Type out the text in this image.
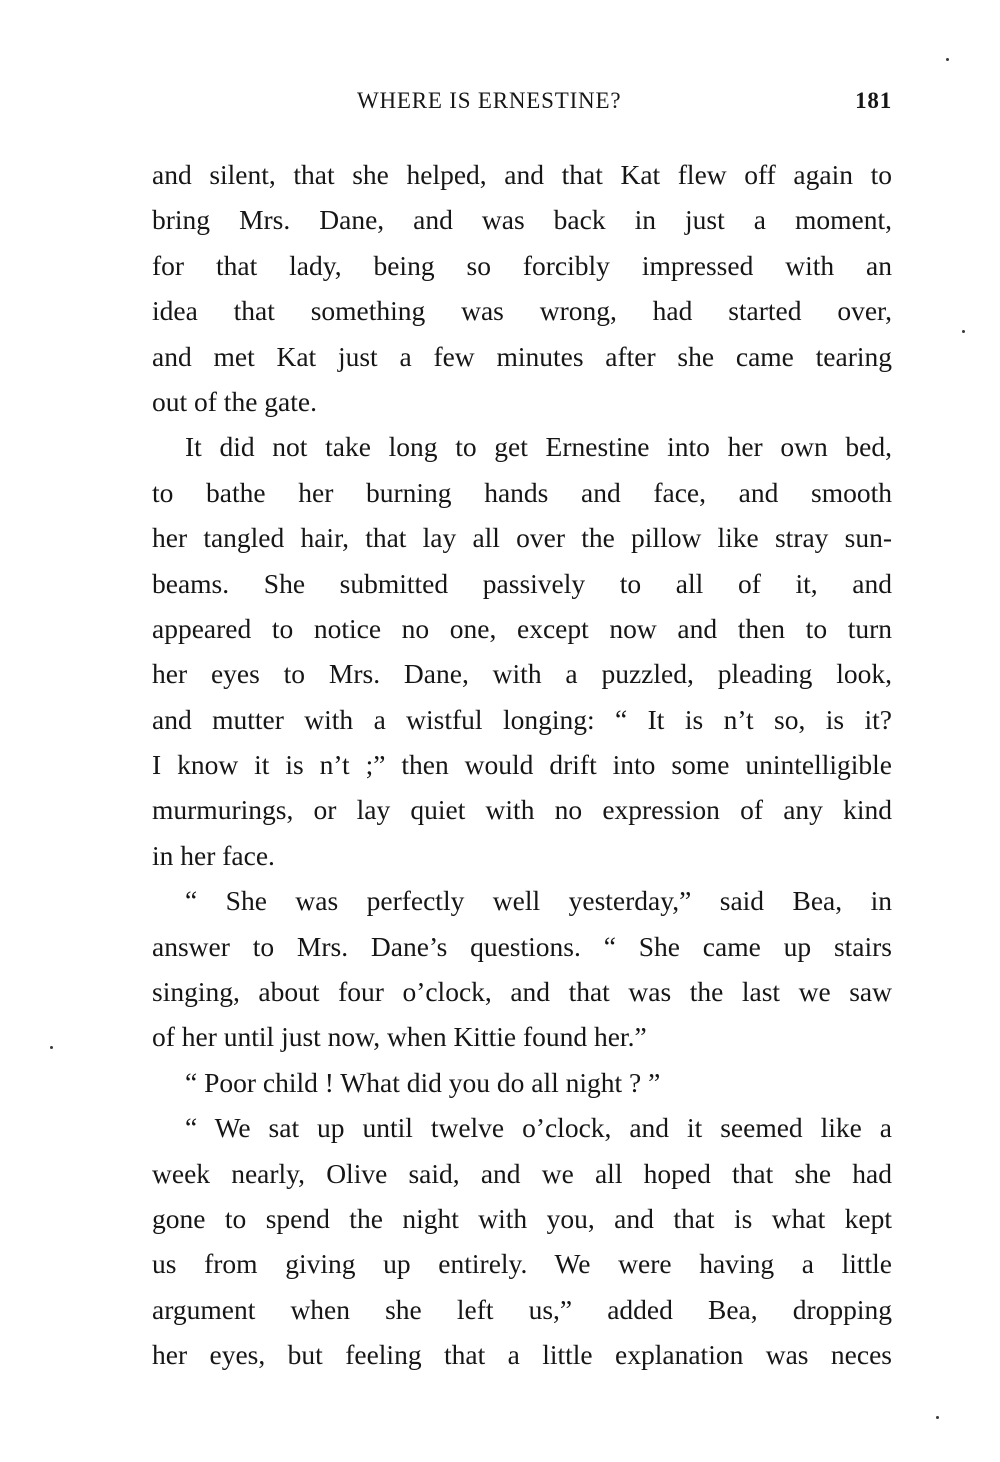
WHERE IS ERNESTINE?	181
and silent, that she helped, and that Kat flew off again to
bring Mrs. Dane, and was back in just a moment,
for that lady, being so forcibly impressed with an
idea that something was wrong, had started over,
and met Kat just a few minutes after she came tearing
out of the gate.
It did not take long to get Ernestine into her own bed,
to bathe her burning hands and face, and smooth
her tangled hair, that lay all over the pillow like stray sun-
beams. She submitted passively to all of it, and
appeared to notice no one, except now and then to turn
her eyes to Mrs. Dane, with a puzzled, pleading look,
and mutter with a wistful longing: “ It is n’t so, is it?
I know it is n’t ;” then would drift into some unintelligible
murmurings, or lay quiet with no expression of any kind
in her face.
“ She was perfectly well yesterday,” said Bea, in
answer to Mrs. Dane’s questions. “ She came up stairs
singing, about four o’clock, and that was the last we saw
of her until just now, when Kittie found her.”
“ Poor child ! What did you do all night ? ”
“ We sat up until twelve o’clock, and it seemed like a
week nearly, Olive said, and we all hoped that she had
gone to spend the night with you, and that is what kept
us from giving up entirely. We were having a little
argument when she left us,” added Bea, dropping
her eyes, but feeling that a little explanation was neces
